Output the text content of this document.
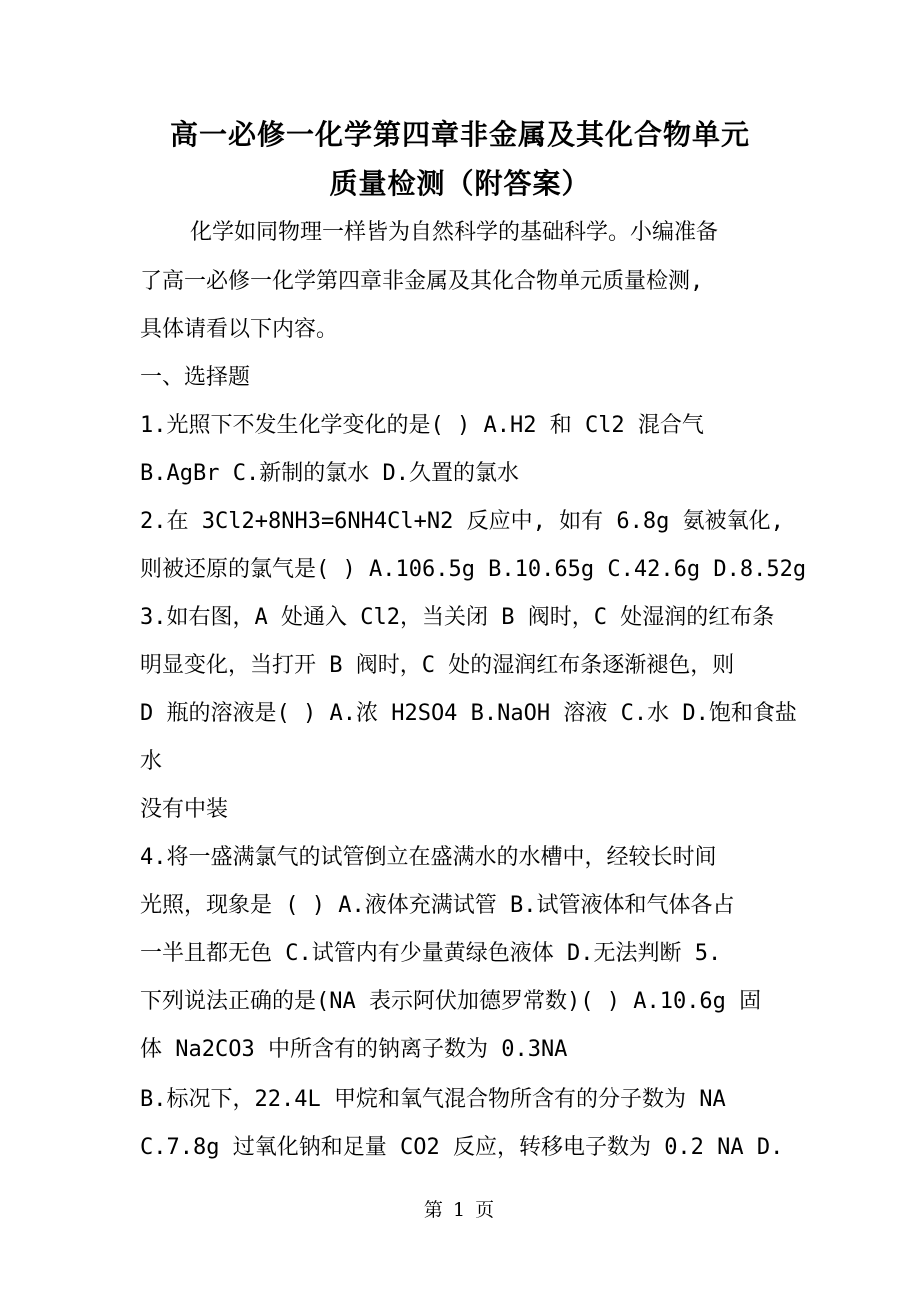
高一必修一化学第四章非金属及其化合物单元
质量检测（附答案）
化学如同物理一样皆为自然科学的基础科学。小编准备
了高一必修一化学第四章非金属及其化合物单元质量检测,
具体请看以下内容。
一、选择题
1.光照下不发生化学变化的是( ) A.H2 和 Cl2 混合气
B.AgBr C.新制的氯水 D.久置的氯水
2.在 3Cl2+8NH3=6NH4Cl+N2 反应中, 如有 6.8g 氨被氧化,
则被还原的氯气是( ) A.106.5g B.10.65g C.42.6g D.8.52g
3.如右图，A 处通入 Cl2，当关闭 B 阀时，C 处湿润的红布条
明显变化，当打开 B 阀时，C 处的湿润红布条逐渐褪色，则
D 瓶的溶液是( ) A.浓 H2SO4 B.NaOH 溶液 C.水 D.饱和食盐
水
没有中装
4.将一盛满氯气的试管倒立在盛满水的水槽中，经较长时间
光照，现象是 ( ) A.液体充满试管 B.试管液体和气体各占
一半且都无色 C.试管内有少量黄绿色液体 D.无法判断 5.
下列说法正确的是(NA 表示阿伏加德罗常数)( ) A.10.6g 固
体 Na2CO3 中所含有的钠离子数为 0.3NA
B.标况下，22.4L 甲烷和氧气混合物所含有的分子数为 NA
C.7.8g 过氧化钠和足量 CO2 反应，转移电子数为 0.2 NA D.
第 1 页
